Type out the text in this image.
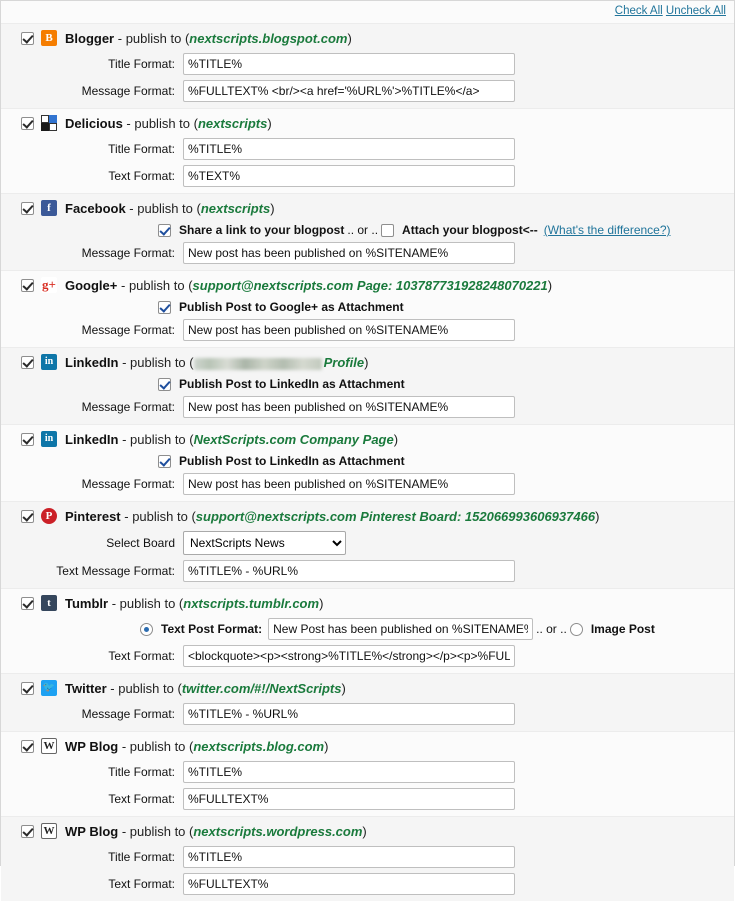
Check All Uncheck All
B Blogger - publish to (nextscripts.blogspot.com)
Title Format:
%TITLE%
Message Format:
%FULLTEXT% <br/><a href='%URL%'>%TITLE%</a>
Delicious - publish to (nextscripts)
Title Format:
%TITLE%
Text Format:
%TEXT%
f Facebook - publish to (nextscripts)
Share a link to your blogpost .. or .. Attach your blogpost<-- (What's the difference?)
Message Format:
New post has been published on %SITENAME%
g+ Google+ - publish to (support@nextscripts.com Page: 103787731928248070221)
Publish Post to Google+ as Attachment
Message Format:
New post has been published on %SITENAME%
in LinkedIn - publish to (	Profile)
Publish Post to LinkedIn as Attachment
Message Format:
New post has been published on %SITENAME%
in LinkedIn - publish to (NextScripts.com Company Page)
Publish Post to LinkedIn as Attachment
Message Format:
New post has been published on %SITENAME%
P Pinterest - publish to (support@nextscripts.com Pinterest Board: 152066993606937466)
Select Board
NextScripts News
Text Message Format:
%TITLE% - %URL%
t Tumblr - publish to (nxtscripts.tumblr.com)
Text Post Format:
New Post has been published on %SITENAME%	.. or .. Image Post
Text Format:
<blockquote><p><strong>%TITLE%</strong></p><p>%FUL
🐦 Twitter - publish to (twitter.com/#!/NextScripts)
Message Format:
%TITLE% - %URL%
W WP Blog - publish to (nextscripts.blog.com)
Title Format:
%TITLE%
Text Format:
%FULLTEXT%
W WP Blog - publish to (nextscripts.wordpress.com)
Title Format:
%TITLE%
Text Format:
%FULLTEXT%
